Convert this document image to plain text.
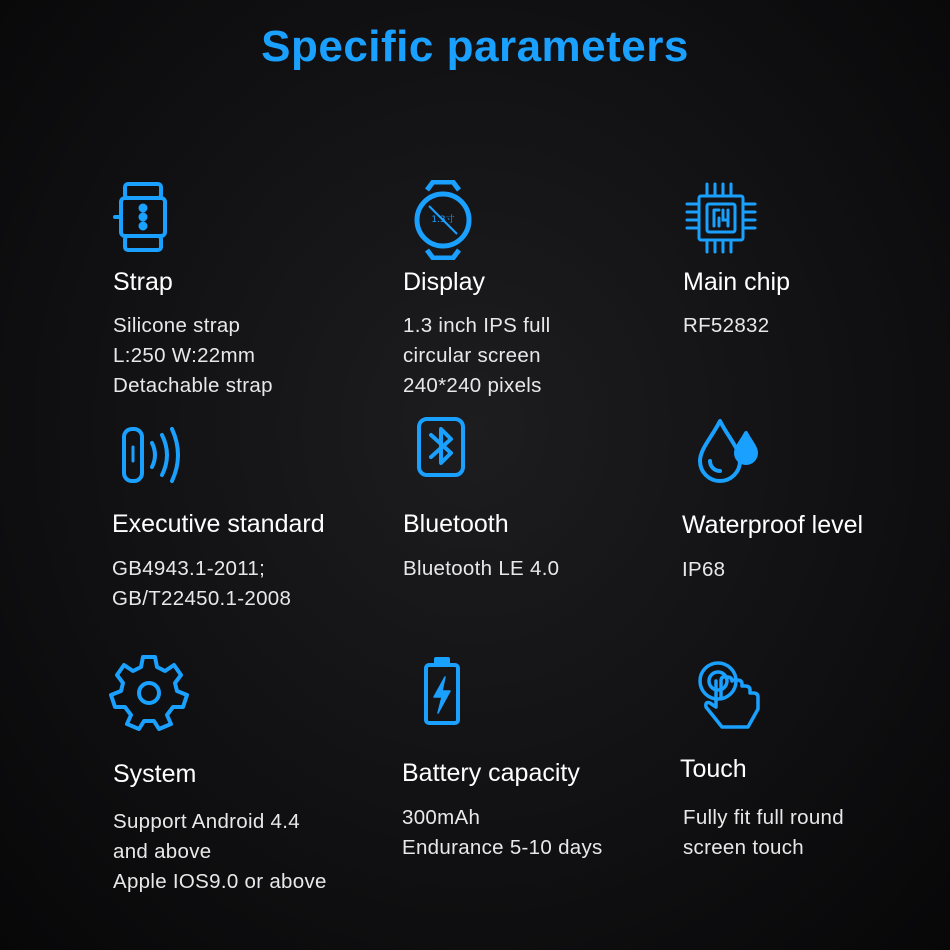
Specific parameters
Strap
Silicone strap
L:250 W:22mm
Detachable strap
1.3寸
Display
1.3 inch IPS full
circular screen
240*240 pixels
Main chip
RF52832
Executive standard
GB4943.1-2011;
GB/T22450.1-2008
Bluetooth
Bluetooth LE 4.0
Waterproof level
IP68
System
Support Android 4.4
and above
Apple IOS9.0 or above
Battery capacity
300mAh
Endurance 5-10 days
Touch
Fully fit full round
screen touch
